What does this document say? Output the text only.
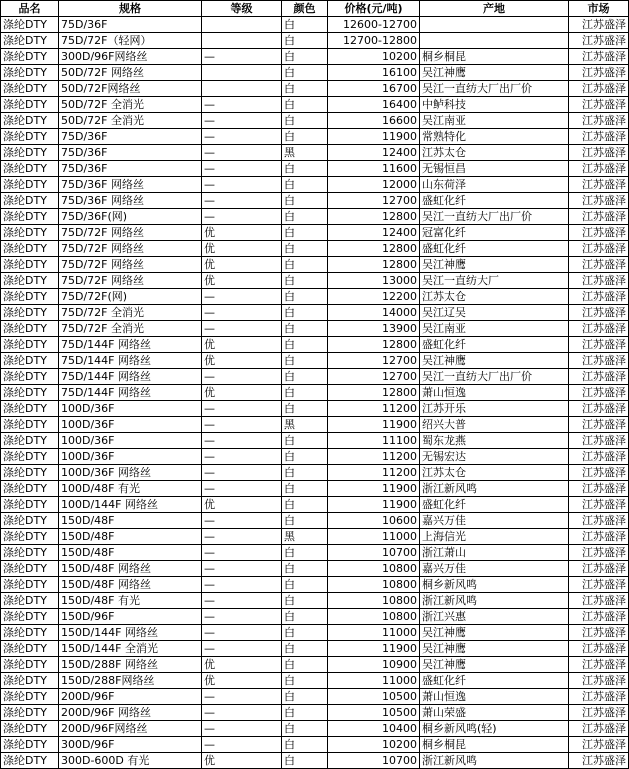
品名	规格	等级	颜色	价格(元/吨)	产地	市场
涤纶DTY	75D/36F		白	12600-12700		江苏盛泽
涤纶DTY	75D/72F（轻网）		白	12700-12800		江苏盛泽
涤纶DTY	300D/96F网络丝	—	白	10200	桐乡桐昆	江苏盛泽
涤纶DTY	50D/72F 网络丝		白	16100	吴江神鹰	江苏盛泽
涤纶DTY	50D/72F网络丝		白	16700	吴江一直纺大厂出厂价	江苏盛泽
涤纶DTY	50D/72F 全消光	—	白	16400	中鲈科技	江苏盛泽
涤纶DTY	50D/72F 全消光	—	白	16600	吴江南亚	江苏盛泽
涤纶DTY	75D/36F	—	白	11900	常熟特化	江苏盛泽
涤纶DTY	75D/36F	—	黑	12400	江苏太仓	江苏盛泽
涤纶DTY	75D/36F	—	白	11600	无锡恒昌	江苏盛泽
涤纶DTY	75D/36F 网络丝	—	白	12000	山东荷泽	江苏盛泽
涤纶DTY	75D/36F 网络丝	—	白	12700	盛虹化纤	江苏盛泽
涤纶DTY	75D/36F(网)	—	白	12800	吴江一直纺大厂出厂价	江苏盛泽
涤纶DTY	75D/72F 网络丝	优	白	12400	冠富化纤	江苏盛泽
涤纶DTY	75D/72F 网络丝	优	白	12800	盛虹化纤	江苏盛泽
涤纶DTY	75D/72F 网络丝	优	白	12800	吴江神鹰	江苏盛泽
涤纶DTY	75D/72F 网络丝	优	白	13000	吴江一直纺大厂	江苏盛泽
涤纶DTY	75D/72F(网)	—	白	12200	江苏太仓	江苏盛泽
涤纶DTY	75D/72F 全消光	—	白	14000	吴江辽吴	江苏盛泽
涤纶DTY	75D/72F 全消光	—	白	13900	吴江南亚	江苏盛泽
涤纶DTY	75D/144F 网络丝	优	白	12800	盛虹化纤	江苏盛泽
涤纶DTY	75D/144F 网络丝	优	白	12700	吴江神鹰	江苏盛泽
涤纶DTY	75D/144F 网络丝	—	白	12700	吴江一直纺大厂出厂价	江苏盛泽
涤纶DTY	75D/144F 网络丝	优	白	12800	萧山恒逸	江苏盛泽
涤纶DTY	100D/36F	—	白	11200	江苏开乐	江苏盛泽
涤纶DTY	100D/36F	—	黑	11900	绍兴大普	江苏盛泽
涤纶DTY	100D/36F	—	白	11100	蜀东龙燕	江苏盛泽
涤纶DTY	100D/36F	—	白	11200	无锡宏达	江苏盛泽
涤纶DTY	100D/36F 网络丝	—	白	11200	江苏太仓	江苏盛泽
涤纶DTY	100D/48F 有光	—	白	11900	浙江新风鸣	江苏盛泽
涤纶DTY	100D/144F 网络丝	优	白	11900	盛虹化纤	江苏盛泽
涤纶DTY	150D/48F	—	白	10600	嘉兴万佳	江苏盛泽
涤纶DTY	150D/48F	—	黑	11000	上海信光	江苏盛泽
涤纶DTY	150D/48F	—	白	10700	浙江萧山	江苏盛泽
涤纶DTY	150D/48F 网络丝	—	白	10800	嘉兴万佳	江苏盛泽
涤纶DTY	150D/48F 网络丝	—	白	10800	桐乡新风鸣	江苏盛泽
涤纶DTY	150D/48F 有光	—	白	10800	浙江新风鸣	江苏盛泽
涤纶DTY	150D/96F	—	白	10800	浙江兴惠	江苏盛泽
涤纶DTY	150D/144F 网络丝	—	白	11000	吴江神鹰	江苏盛泽
涤纶DTY	150D/144F 全消光	—	白	11900	吴江神鹰	江苏盛泽
涤纶DTY	150D/288F 网络丝	优	白	10900	吴江神鹰	江苏盛泽
涤纶DTY	150D/288F网络丝	优	白	11000	盛虹化纤	江苏盛泽
涤纶DTY	200D/96F	—	白	10500	萧山恒逸	江苏盛泽
涤纶DTY	200D/96F 网络丝	—	白	10500	萧山荣盛	江苏盛泽
涤纶DTY	200D/96F网络丝	—	白	10400	桐乡新风鸣(轻)	江苏盛泽
涤纶DTY	300D/96F	—	白	10200	桐乡桐昆	江苏盛泽
涤纶DTY	300D-600D 有光	优	白	10700	浙江新风鸣	江苏盛泽
